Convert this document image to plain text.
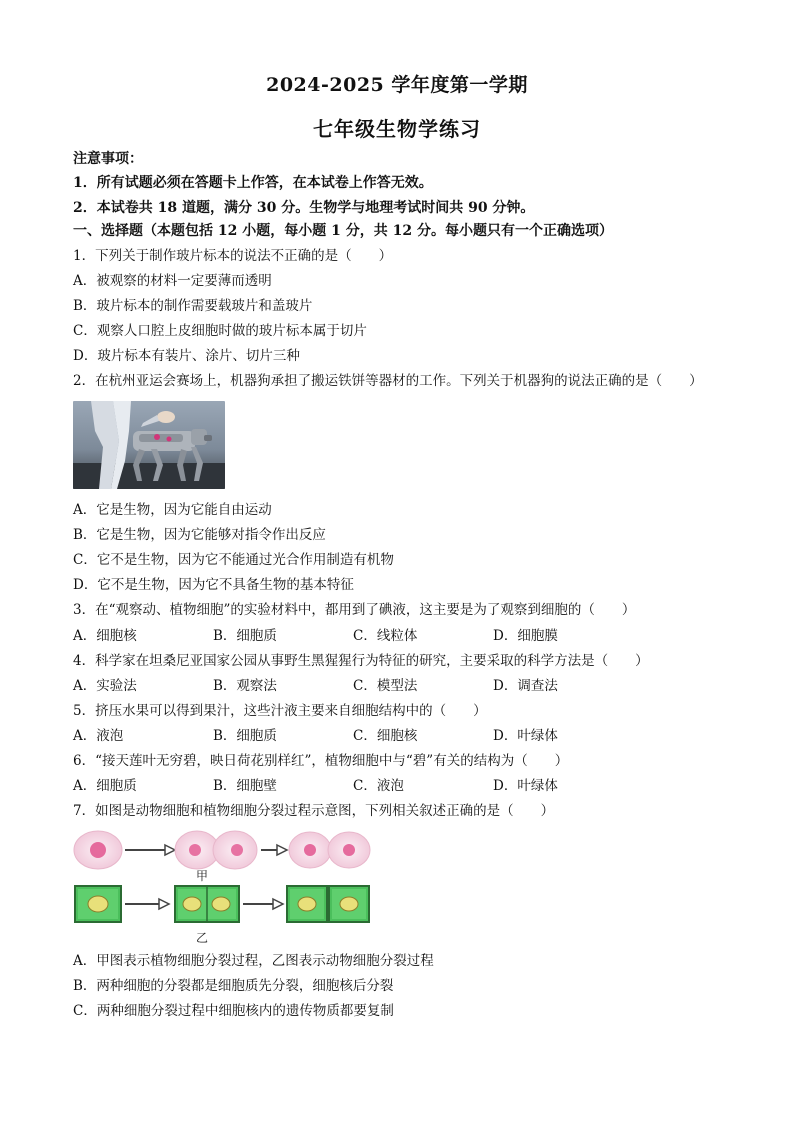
2024-2025 学年度第一学期
七年级生物学练习
注意事项：
1．所有试题必须在答题卡上作答，在本试卷上作答无效。
2．本试卷共 18 道题，满分 30 分。生物学与地理考试时间共 90 分钟。
一、选择题（本题包括 12 小题，每小题 1 分，共 12 分。每小题只有一个正确选项）
1．下列关于制作玻片标本的说法不正确的是（　　）
A．被观察的材料一定要薄而透明
B．玻片标本的制作需要载玻片和盖玻片
C．观察人口腔上皮细胞时做的玻片标本属于切片
D．玻片标本有装片、涂片、切片三种
2．在杭州亚运会赛场上，机器狗承担了搬运铁饼等器材的工作。下列关于机器狗的说法正确的是（　　）
A．它是生物，因为它能自由运动
B．它是生物，因为它能够对指令作出反应
C．它不是生物，因为它不能通过光合作用制造有机物
D．它不是生物，因为它不具备生物的基本特征
3．在“观察动、植物细胞”的实验材料中，都用到了碘液，这主要是为了观察到细胞的（　　）
A．细胞核	B．细胞质	C．线粒体	D．细胞膜
4．科学家在坦桑尼亚国家公园从事野生黑猩猩行为特征的研究，主要采取的科学方法是（　　）
A．实验法	B．观察法	C．模型法	D．调查法
5．挤压水果可以得到果汁，这些汁液主要来自细胞结构中的（　　）
A．液泡	B．细胞质	C．细胞核	D．叶绿体
6．“接天莲叶无穷碧，映日荷花别样红”，植物细胞中与“碧”有关的结构为（　　）
A．细胞质	B．细胞壁	C．液泡	D．叶绿体
7．如图是动物细胞和植物细胞分裂过程示意图，下列相关叙述正确的是（　　）
甲
乙
A．甲图表示植物细胞分裂过程，乙图表示动物细胞分裂过程
B．两种细胞的分裂都是细胞质先分裂，细胞核后分裂
C．两种细胞分裂过程中细胞核内的遗传物质都要复制
